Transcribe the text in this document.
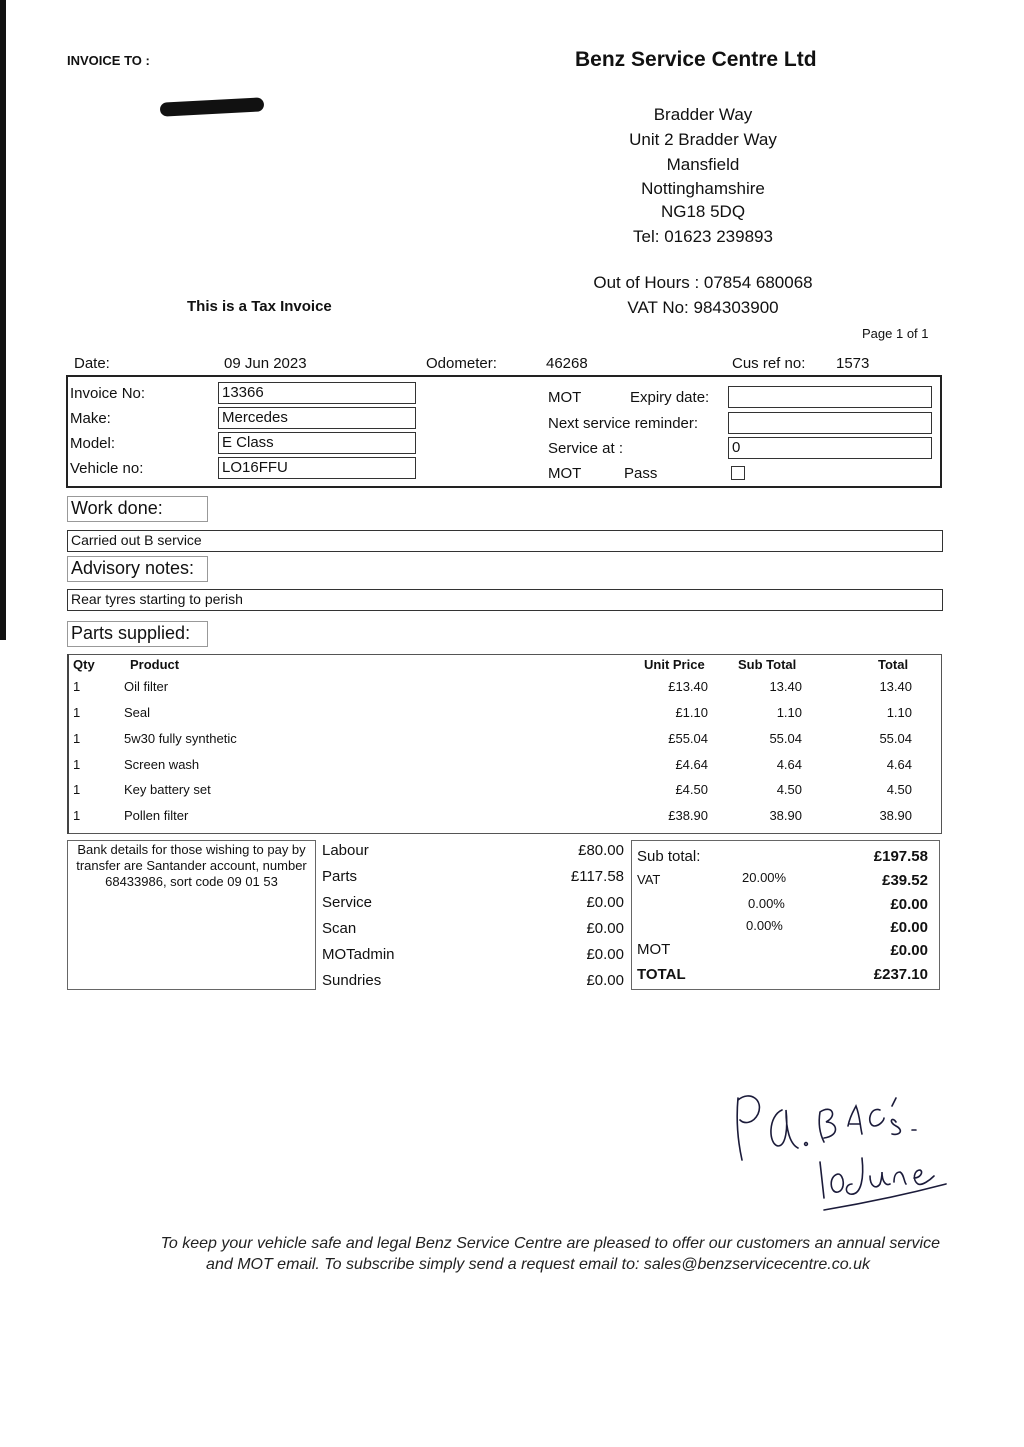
INVOICE TO :	Benz Service Centre Ltd
Bradder Way
Unit 2 Bradder Way
Mansfield
Nottinghamshire
NG18 5DQ
Tel: 01623 239893
Out of Hours : 07854 680068
VAT No: 984303900
This is a Tax Invoice
Page 1 of 1
Date:	09 Jun 2023	Odometer:	46268	Cus ref no: 1573
Invoice No:	13366
Make:	Mercedes
Model:	E Class
Vehicle no:	LO16FFU
MOT	Expiry date:
Next service reminder:
Service at :	0
MOT	Pass
Work done:
Carried out B service
Advisory notes:
Rear tyres starting to perish
Parts supplied:
Qty	Product	Unit Price	Sub Total	Total
1	Oil filter	£13.40	13.40	13.40
1	Seal	£1.10	1.10	1.10
1	5w30 fully synthetic	£55.04	55.04	55.04
1	Screen wash	£4.64	4.64	4.64
1	Key battery set	£4.50	4.50	4.50
1	Pollen filter	£38.90	38.90	38.90
Bank details for those wishing to pay by
transfer are Santander account, number
68433986, sort code 09 01 53
Labour	£80.00
Parts	£117.58
Service	£0.00
Scan	£0.00
MOTadmin	£0.00
Sundries	£0.00
Sub total:	£197.58
VAT	20.00%	£39.52
0.00%	£0.00
0.00%	£0.00
MOT	£0.00
TOTAL	£237.10
Pd. BACS 10 June
To keep your vehicle safe and legal Benz Service Centre are pleased to offer our customers an annual service
and MOT email. To subscribe simply send a request email to: sales@benzservicecentre.co.uk
